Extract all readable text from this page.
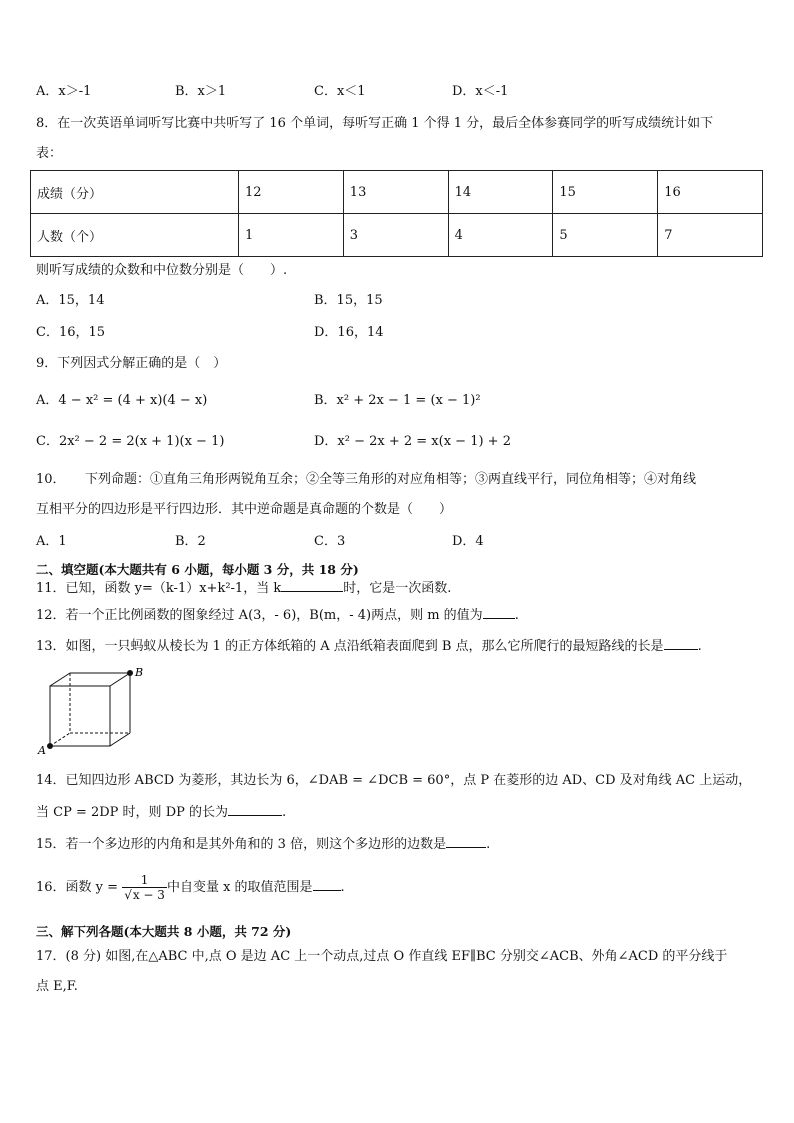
A．x＞-1	B．x＞1	C．x＜1	D．x＜-1
8．在一次英语单词听写比赛中共听写了 16 个单词，每听写正确 1 个得 1 分，最后全体参赛同学的听写成绩统计如下
表：
成绩（分）	12	13	14	15	16
人数（个）	1	3	4	5	7
则听写成绩的众数和中位数分别是（　　）.
A．15，14	B．15，15
C．16，15	D．16，14
9．下列因式分解正确的是（　）
A．4 − x² = (4 + x)(4 − x)	B．x² + 2x − 1 = (x − 1)²
C．2x² − 2 = 2(x + 1)(x − 1)	D．x² − 2x + 2 = x(x − 1) + 2
10．　　下列命题：①直角三角形两锐角互余；②全等三角形的对应角相等；③两直线平行，同位角相等；④对角线
互相平分的四边形是平行四边形．其中逆命题是真命题的个数是（　　）
A．1	B．2	C．3	D．4
二、填空题(本大题共有 6 小题，每小题 3 分，共 18 分)
11．已知，函数 y=（k-1）x+k²-1，当 k	时，它是一次函数.
12．若一个正比例函数的图象经过 A(3，- 6)，B(m，- 4)两点，则 m 的值为 .
13．如图，一只蚂蚁从棱长为 1 的正方体纸箱的 A 点沿纸箱表面爬到 B 点，那么它所爬行的最短路线的长是	.
A
B
14．已知四边形 ABCD 为菱形，其边长为 6，∠DAB = ∠DCB = 60°，点 P 在菱形的边 AD、CD 及对角线 AC 上运动，
当 CP = 2DP 时，则 DP 的长为	.
15．若一个多边形的内角和是其外角和的 3 倍，则这个多边形的边数是	.
16．函数 $y = \frac{1}{√x - 3}$ 中自变量 x 的取值范围是 .
三、解下列各题(本大题共 8 小题，共 72 分)
17．(8 分) 如图,在△ABC 中,点 O 是边 AC 上一个动点,过点 O 作直线 EF∥BC 分别交∠ACB、外角∠ACD 的平分线于
点 E,F.
